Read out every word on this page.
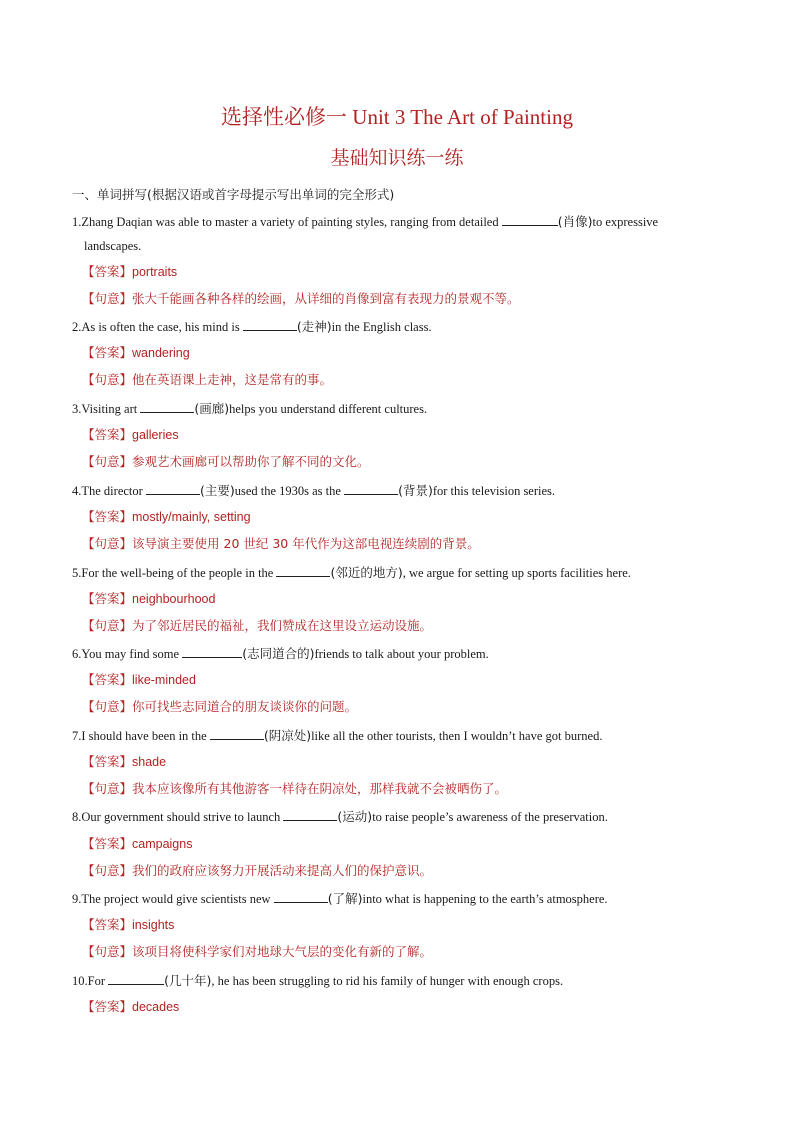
选择性必修一 Unit 3 The Art of Painting
基础知识练一练
一、单词拼写(根据汉语或首字母提示写出单词的完全形式)
1.Zhang Daqian was able to master a variety of painting styles, ranging from detailed	(肖像)to expressive
landscapes.
【答案】portraits
【句意】张大千能画各种各样的绘画，从详细的肖像到富有表现力的景观不等。
2.As is often the case, his mind is	(走神)in the English class.
【答案】wandering
【句意】他在英语课上走神，这是常有的事。
3.Visiting art	(画廊)helps you understand different cultures.
【答案】galleries
【句意】参观艺术画廊可以帮助你了解不同的文化。
4.The director	(主要)used the 1930s as the	(背景)for this television series.
【答案】mostly/mainly, setting
【句意】该导演主要使用 20 世纪 30 年代作为这部电视连续剧的背景。
5.For the well-being of the people in the	(邻近的地方), we argue for setting up sports facilities here.
【答案】neighbourhood
【句意】为了邻近居民的福祉，我们赞成在这里设立运动设施。
6.You may find some	(志同道合的)friends to talk about your problem.
【答案】like-minded
【句意】你可找些志同道合的朋友谈谈你的问题。
7.I should have been in the	(阴凉处)like all the other tourists, then I wouldn’t have got burned.
【答案】shade
【句意】我本应该像所有其他游客一样待在阴凉处，那样我就不会被晒伤了。
8.Our government should strive to launch	(运动)to raise people’s awareness of the preservation.
【答案】campaigns
【句意】我们的政府应该努力开展活动来提高人们的保护意识。
9.The project would give scientists new	(了解)into what is happening to the earth’s atmosphere.
【答案】insights
【句意】该项目将使科学家们对地球大气层的变化有新的了解。
10.For	(几十年), he has been struggling to rid his family of hunger with enough crops.
【答案】decades
